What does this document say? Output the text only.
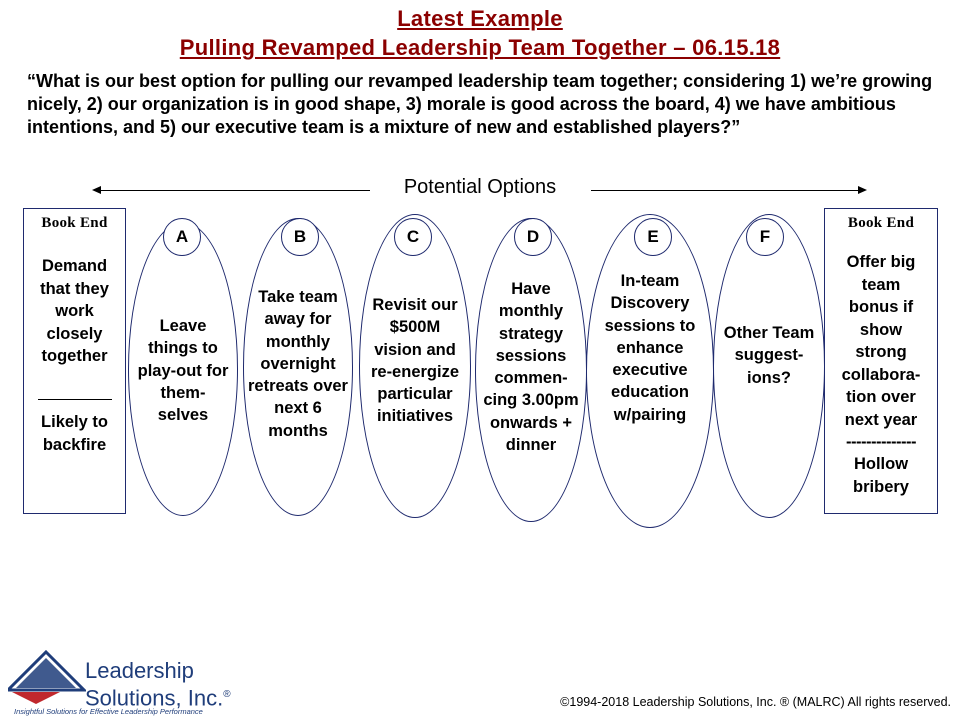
Latest Example
Pulling Revamped Leadership Team Together – 06.15.18
“What is our best option for pulling our revamped leadership team together; considering 1) we’re growing nicely, 2) our organization is in good shape, 3) morale is good across the board, 4) we have ambitious intentions, and 5) our executive team is a mixture of new and established players?”
Potential Options
Book End
Demand that they work closely together
Likely to backfire
Book End
Offer big team bonus if show strong collabora-tion over next year
--------------
Hollow bribery
A
Leave things to play-out for them-selves
B
Take team away for monthly overnight retreats over next 6 months
C
Revisit our $500M vision and re-energize particular initiatives
D
Have monthly strategy sessions commen-cing 3.00pm onwards + dinner
E
In-team Discovery sessions to enhance executive education w/pairing
F
Other Team suggest-ions?
Leadership
Solutions, Inc.®
Insightful Solutions for Effective Leadership Performance
©1994-2018 Leadership Solutions, Inc. ® (MALRC) All rights reserved.
